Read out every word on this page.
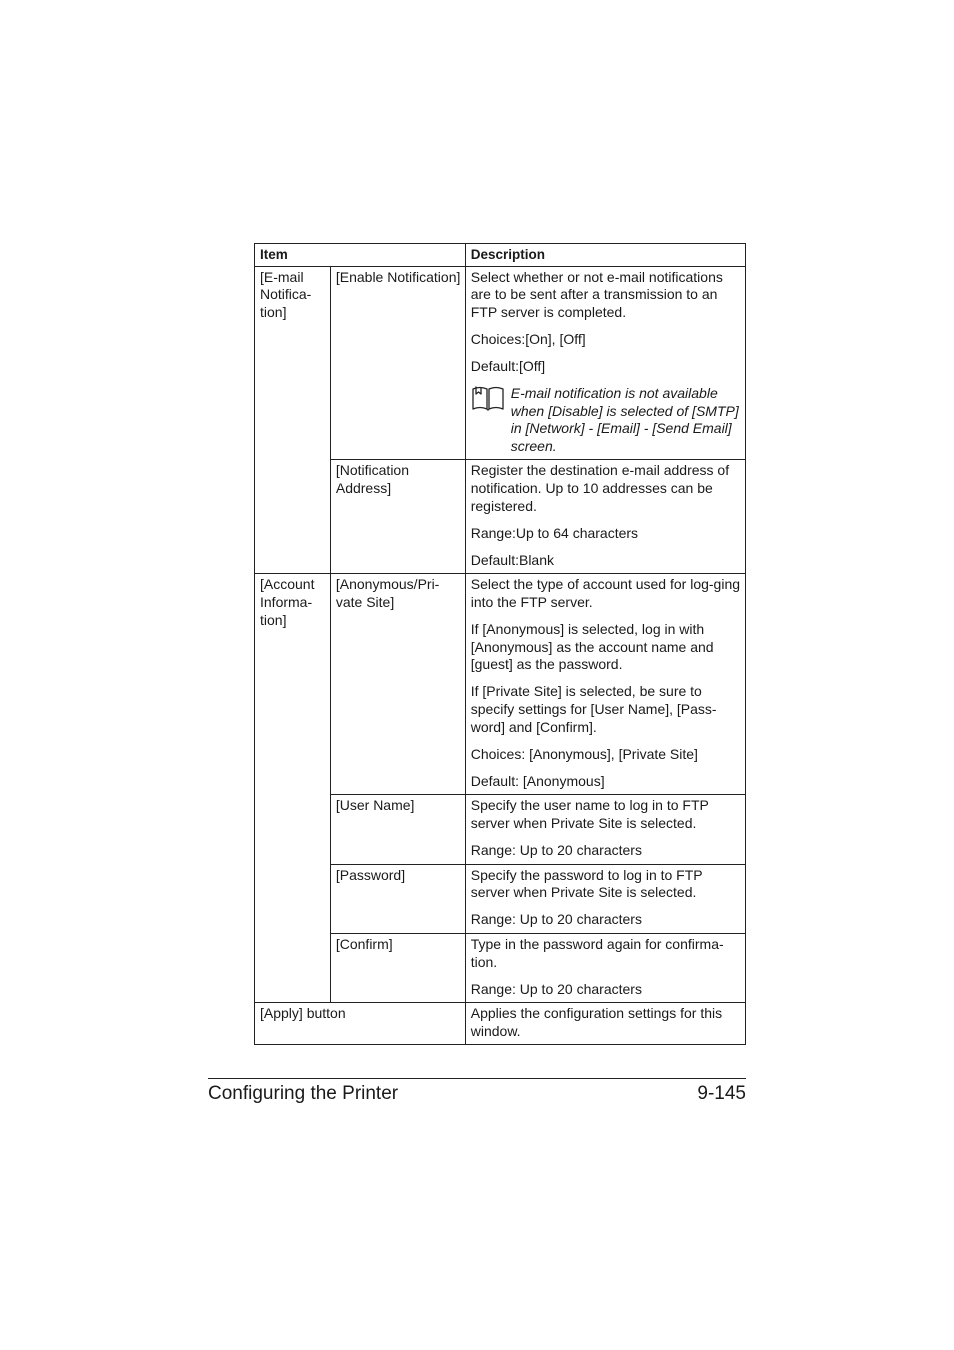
Item		Description
[E-mail Notifica-tion]	[Enable Notification]	Select whether or not e-mail notifications are to be sent after a transmission to an FTP server is completed.

Choices:[On], [Off]

Default:[Off]

E-mail notification is not available when [Disable] is selected of [SMTP] in [Network] - [Email] - [Send Email] screen.

	[Notification Address]	Register the destination e-mail address of notification. Up to 10 addresses can be registered.

Range:Up to 64 characters

Default:Blank

[Account Informa-tion]	[Anonymous/Pri-vate Site]	Select the type of account used for log-ging into the FTP server.

If [Anonymous] is selected, log in with [Anonymous] as the account name and [guest] as the password.

If [Private Site] is selected, be sure to specify settings for [User Name], [Pass-word] and [Confirm].

Choices: [Anonymous], [Private Site]

Default: [Anonymous]

	[User Name]	Specify the user name to log in to FTP server when Private Site is selected.

Range: Up to 20 characters

	[Password]	Specify the password to log in to FTP server when Private Site is selected.

Range: Up to 20 characters

	[Confirm]	Type in the password again for confirma-tion.

Range: Up to 20 characters

[Apply] button		Applies the configuration settings for this window.

Configuring the Printer	9-145
